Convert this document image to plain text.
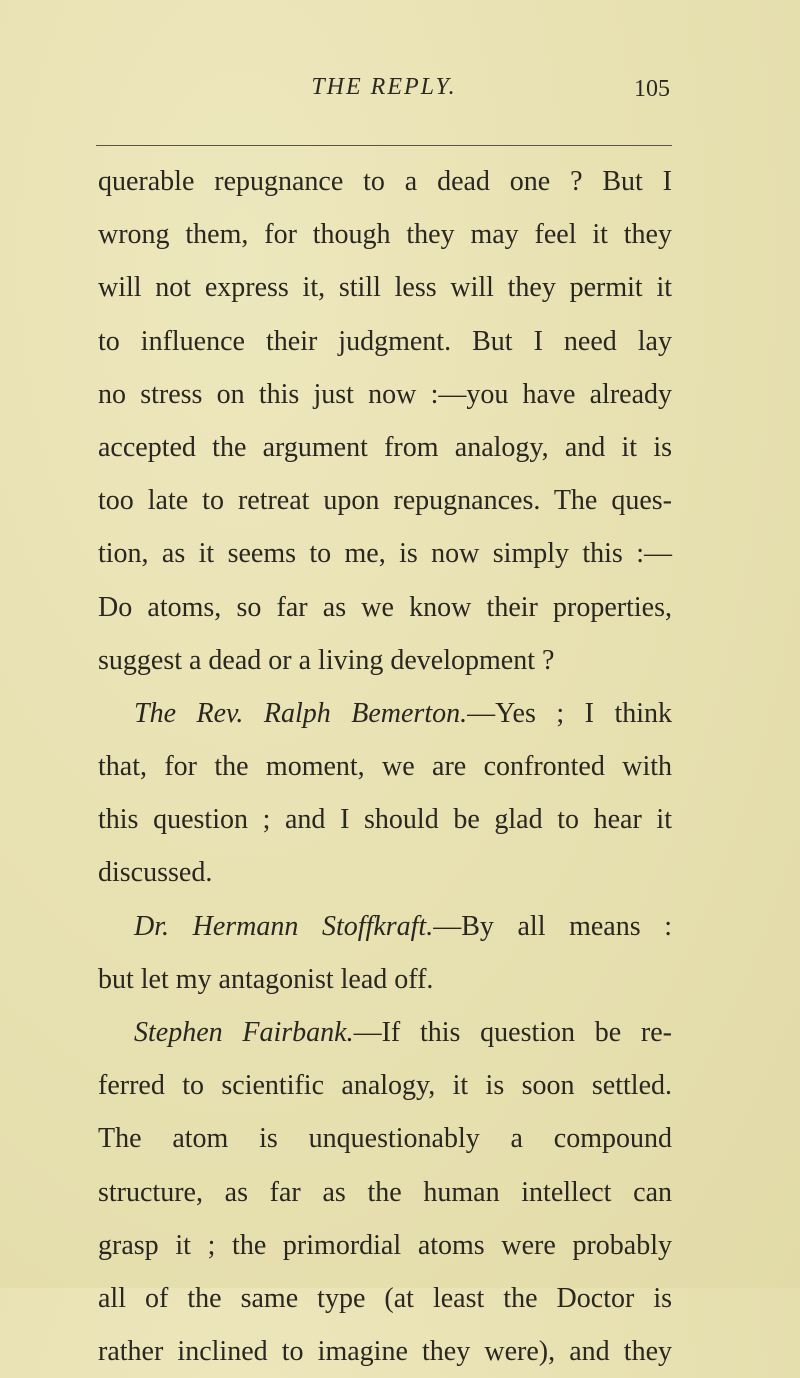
THE REPLY.	105
querable repugnance to a dead one ? But I
wrong them, for though they may feel it they
will not express it, still less will they permit it
to influence their judgment. But I need lay
no stress on this just now :—you have already
accepted the argument from analogy, and it is
too late to retreat upon repugnances. The ques-
tion, as it seems to me, is now simply this :—
Do atoms, so far as we know their properties,
suggest a dead or a living development ?
The Rev. Ralph Bemerton.—Yes ; I think
that, for the moment, we are confronted with
this question ; and I should be glad to hear it
discussed.
Dr. Hermann Stoffkraft.—By all means :
but let my antagonist lead off.
Stephen Fairbank.—If this question be re-
ferred to scientific analogy, it is soon settled.
The atom is unquestionably a compound
structure, as far as the human intellect can
grasp it ; the primordial atoms were probably
all of the same type (at least the Doctor is
rather inclined to imagine they were), and they
